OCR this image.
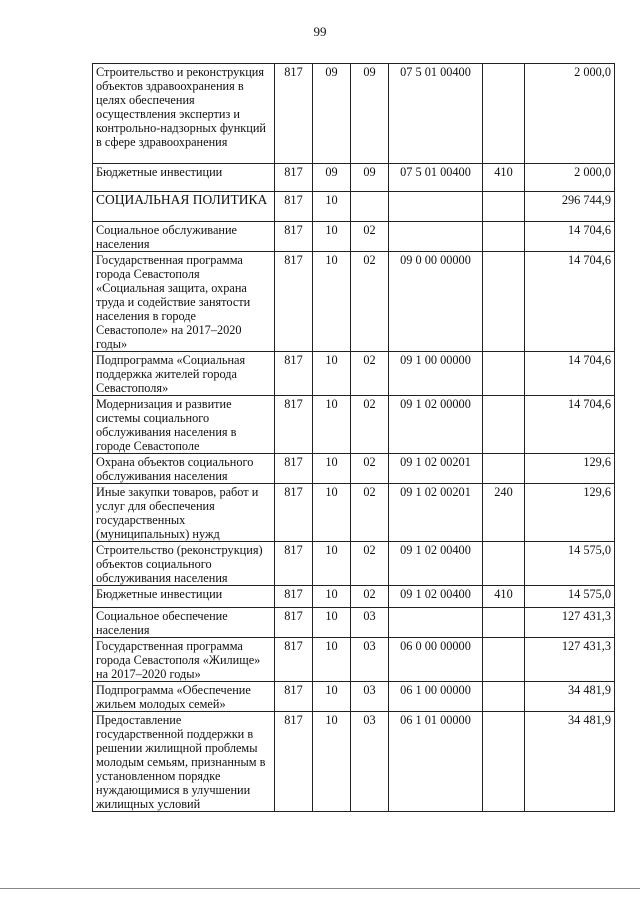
99
Строительство и реконструкция объектов здравоохранения в целях обеспечения осуществления экспертиз и контрольно-надзорных функций в сфере здравоохранения	817	09	09	07 5 01 00400		2 000,0
Бюджетные инвестиции	817	09	09	07 5 01 00400	410	2 000,0
СОЦИАЛЬНАЯ ПОЛИТИКА	817	10				296 744,9
Социальное обслуживание населения	817	10	02			14 704,6
Государственная программа города Севастополя «Социальная защита, охрана труда и содействие занятости населения в городе Севастополе» на 2017–2020 годы»	817	10	02	09 0 00 00000		14 704,6
Подпрограмма «Социальная поддержка жителей города Севастополя»	817	10	02	09 1 00 00000		14 704,6
Модернизация и развитие системы социального обслуживания населения в городе Севастополе	817	10	02	09 1 02 00000		14 704,6
Охрана объектов социального обслуживания населения	817	10	02	09 1 02 00201		129,6
Иные закупки товаров, работ и услуг для обеспечения государственных (муниципальных) нужд	817	10	02	09 1 02 00201	240	129,6
Строительство (реконструкция) объектов социального обслуживания населения	817	10	02	09 1 02 00400		14 575,0
Бюджетные инвестиции	817	10	02	09 1 02 00400	410	14 575,0
Социальное обеспечение населения	817	10	03			127 431,3
Государственная программа города Севастополя «Жилище» на 2017–2020 годы»	817	10	03	06 0 00 00000		127 431,3
Подпрограмма «Обеспечение жильем молодых семей»	817	10	03	06 1 00 00000		34 481,9
Предоставление государственной поддержки в решении жилищной проблемы молодым семьям, признанным в установленном порядке нуждающимися в улучшении жилищных условий	817	10	03	06 1 01 00000		34 481,9
